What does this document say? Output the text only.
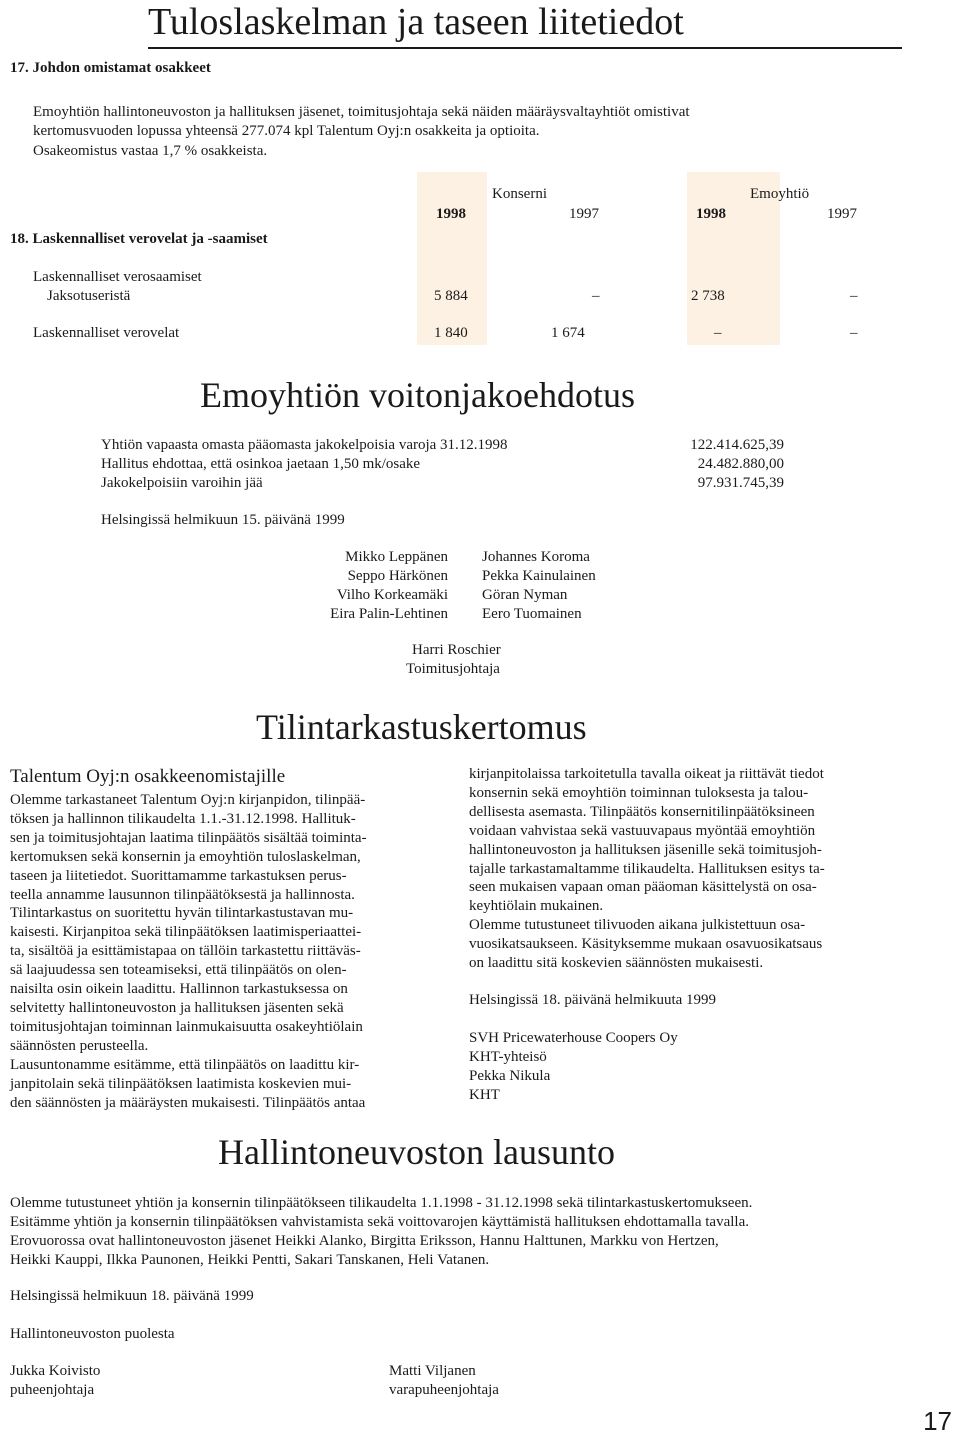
Tuloslaskelman ja taseen liitetiedot
17. Johdon omistamat osakkeet
Emoyhtiön hallintoneuvoston ja hallituksen jäsenet, toimitusjohtaja sekä näiden määräysvaltayhtiöt omistivat
kertomusvuoden lopussa yhteensä 277.074 kpl Talentum Oyj:n osakkeita ja optioita.
Osakeomistus vastaa 1,7 % osakkeista.
Konserni	Emoyhtiö
1998	1997	1998	1997
18. Laskennalliset verovelat ja -saamiset
Laskennalliset verosaamiset
Jaksotuseristä	5 884	–	2 738	–
Laskennalliset verovelat	1 840	1 674	–	–
Emoyhtiön voitonjakoehdotus
Yhtiön vapaasta omasta pääomasta jakokelpoisia varoja 31.12.1998	122.414.625,39
Hallitus ehdottaa, että osinkoa jaetaan 1,50 mk/osake	24.482.880,00
Jakokelpoisiin varoihin jää	97.931.745,39
Helsingissä helmikuun 15. päivänä 1999
Mikko Leppänen
Seppo Härkönen
Vilho Korkeamäki
Eira Palin-Lehtinen
Johannes Koroma
Pekka Kainulainen
Göran Nyman
Eero Tuomainen
Harri Roschier
Toimitusjohtaja
Tilintarkastuskertomus
Talentum Oyj:n osakkeenomistajille
Olemme tarkastaneet Talentum Oyj:n kirjanpidon, tilinpää-
töksen ja hallinnon tilikaudelta 1.1.-31.12.1998. Hallituk-
sen ja toimitusjohtajan laatima tilinpäätös sisältää toiminta-
kertomuksen sekä konsernin ja emoyhtiön tuloslaskelman,
taseen ja liitetiedot. Suorittamamme tarkastuksen perus-
teella annamme lausunnon tilinpäätöksestä ja hallinnosta.
Tilintarkastus on suoritettu hyvän tilintarkastustavan mu-
kaisesti. Kirjanpitoa sekä tilinpäätöksen laatimisperiaattei-
ta, sisältöä ja esittämistapaa on tällöin tarkastettu riittäväs-
sä laajuudessa sen toteamiseksi, että tilinpäätös on olen-
naisilta osin oikein laadittu. Hallinnon tarkastuksessa on
selvitetty hallintoneuvoston ja hallituksen jäsenten sekä
toimitusjohtajan toiminnan lainmukaisuutta osakeyhtiölain
säännösten perusteella.
Lausuntonamme esitämme, että tilinpäätös on laadittu kir-
janpitolain sekä tilinpäätöksen laatimista koskevien mui-
den säännösten ja määräysten mukaisesti. Tilinpäätös antaa
kirjanpitolaissa tarkoitetulla tavalla oikeat ja riittävät tiedot
konsernin sekä emoyhtiön toiminnan tuloksesta ja talou-
dellisesta asemasta. Tilinpäätös konsernitilinpäätöksineen
voidaan vahvistaa sekä vastuuvapaus myöntää emoyhtiön
hallintoneuvoston ja hallituksen jäsenille sekä toimitusjoh-
tajalle tarkastamaltamme tilikaudelta. Hallituksen esitys ta-
seen mukaisen vapaan oman pääoman käsittelystä on osa-
keyhtiölain mukainen.
Olemme tutustuneet tilivuoden aikana julkistettuun osa-
vuosikatsaukseen. Käsityksemme mukaan osavuosikatsaus
on laadittu sitä koskevien säännösten mukaisesti.
Helsingissä 18. päivänä helmikuuta 1999
SVH Pricewaterhouse Coopers Oy
KHT-yhteisö
Pekka Nikula
KHT
Hallintoneuvoston lausunto
Olemme tutustuneet yhtiön ja konsernin tilinpäätökseen tilikaudelta 1.1.1998 - 31.12.1998 sekä tilintarkastuskertomukseen.
Esitämme yhtiön ja konsernin tilinpäätöksen vahvistamista sekä voittovarojen käyttämistä hallituksen ehdottamalla tavalla.
Erovuorossa ovat hallintoneuvoston jäsenet Heikki Alanko, Birgitta Eriksson, Hannu Halttunen, Markku von Hertzen,
Heikki Kauppi, Ilkka Paunonen, Heikki Pentti, Sakari Tanskanen, Heli Vatanen.
Helsingissä helmikuun 18. päivänä 1999
Hallintoneuvoston puolesta
Jukka Koivisto
puheenjohtaja
Matti Viljanen
varapuheenjohtaja
17
